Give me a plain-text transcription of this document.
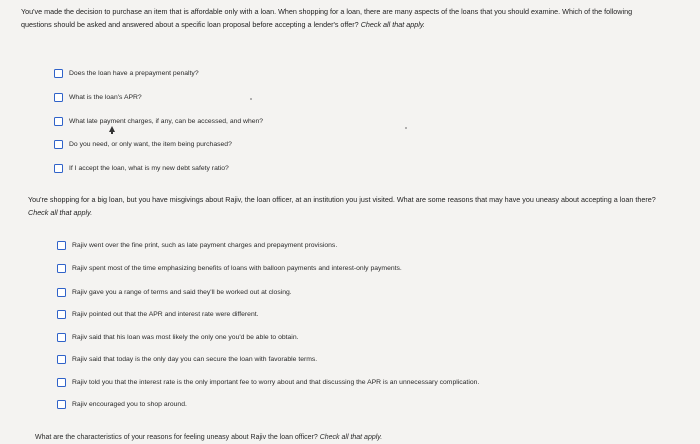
You've made the decision to purchase an item that is affordable only with a loan. When shopping for a loan, there are many aspects of the loans that you should examine. Which of the following questions should be asked and answered about a specific loan proposal before accepting a lender's offer? Check all that apply.

Does the loan have a prepayment penalty?
What is the loan's APR?
What late payment charges, if any, can be accessed, and when?
Do you need, or only want, the item being purchased?
If I accept the loan, what is my new debt safety ratio?

You're shopping for a big loan, but you have misgivings about Rajiv, the loan officer, at an institution you just visited. What are some reasons that may have you uneasy about accepting a loan there? Check all that apply.

Rajiv went over the fine print, such as late payment charges and prepayment provisions.
Rajiv spent most of the time emphasizing benefits of loans with balloon payments and interest-only payments.
Rajiv gave you a range of terms and said they'll be worked out at closing.
Rajiv pointed out that the APR and interest rate were different.
Rajiv said that his loan was most likely the only one you'd be able to obtain.
Rajiv said that today is the only day you can secure the loan with favorable terms.
Rajiv told you that the interest rate is the only important fee to worry about and that discussing the APR is an unnecessary complication.
Rajiv encouraged you to shop around.
What are the characteristics of your reasons for feeling uneasy about Rajiv the loan officer? Check all that apply.
